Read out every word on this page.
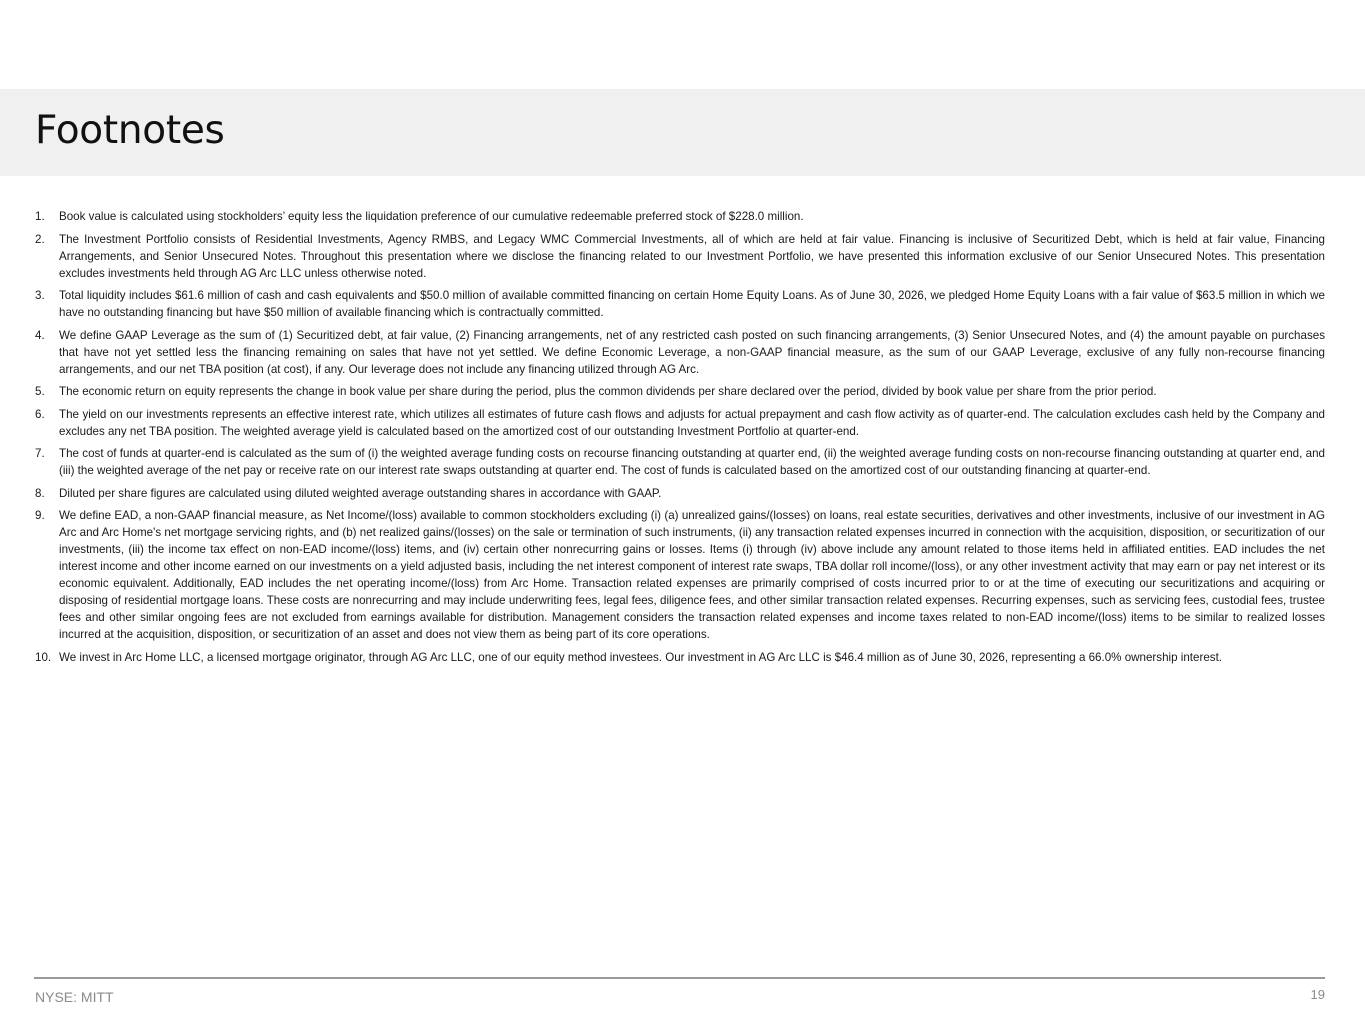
Footnotes
1.	Book value is calculated using stockholders’ equity less the liquidation preference of our cumulative redeemable preferred stock of $228.0 million.
2.	The Investment Portfolio consists of Residential Investments, Agency RMBS, and Legacy WMC Commercial Investments, all of which are held at fair value. Financing is inclusive of Securitized Debt, which is held at fair value, Financing Arrangements, and Senior Unsecured Notes. Throughout this presentation where we disclose the financing related to our Investment Portfolio, we have presented this information exclusive of our Senior Unsecured Notes. This presentation excludes investments held through AG Arc LLC unless otherwise noted.
3.	Total liquidity includes $61.6 million of cash and cash equivalents and $50.0 million of available committed financing on certain Home Equity Loans. As of June 30, 2026, we pledged Home Equity Loans with a fair value of $63.5 million in which we have no outstanding financing but have $50 million of available financing which is contractually committed.
4.	We define GAAP Leverage as the sum of (1) Securitized debt, at fair value, (2) Financing arrangements, net of any restricted cash posted on such financing arrangements, (3) Senior Unsecured Notes, and (4) the amount payable on purchases that have not yet settled less the financing remaining on sales that have not yet settled. We define Economic Leverage, a non-GAAP financial measure, as the sum of our GAAP Leverage, exclusive of any fully non-recourse financing arrangements, and our net TBA position (at cost), if any. Our leverage does not include any financing utilized through AG Arc.
5.	The economic return on equity represents the change in book value per share during the period, plus the common dividends per share declared over the period, divided by book value per share from the prior period.
6.	The yield on our investments represents an effective interest rate, which utilizes all estimates of future cash flows and adjusts for actual prepayment and cash flow activity as of quarter-end. The calculation excludes cash held by the Company and excludes any net TBA position. The weighted average yield is calculated based on the amortized cost of our outstanding Investment Portfolio at quarter-end.
7.	The cost of funds at quarter-end is calculated as the sum of (i) the weighted average funding costs on recourse financing outstanding at quarter end, (ii) the weighted average funding costs on non-recourse financing outstanding at quarter end, and (iii) the weighted average of the net pay or receive rate on our interest rate swaps outstanding at quarter end. The cost of funds is calculated based on the amortized cost of our outstanding financing at quarter-end.
8.	Diluted per share figures are calculated using diluted weighted average outstanding shares in accordance with GAAP.
9.	We define EAD, a non-GAAP financial measure, as Net Income/(loss) available to common stockholders excluding (i) (a) unrealized gains/(losses) on loans, real estate securities, derivatives and other investments, inclusive of our investment in AG Arc and Arc Home's net mortgage servicing rights, and (b) net realized gains/(losses) on the sale or termination of such instruments, (ii) any transaction related expenses incurred in connection with the acquisition, disposition, or securitization of our investments, (iii) the income tax effect on non-EAD income/(loss) items, and (iv) certain other nonrecurring gains or losses. Items (i) through (iv) above include any amount related to those items held in affiliated entities. EAD includes the net interest income and other income earned on our investments on a yield adjusted basis, including the net interest component of interest rate swaps, TBA dollar roll income/(loss), or any other investment activity that may earn or pay net interest or its economic equivalent. Additionally, EAD includes the net operating income/(loss) from Arc Home. Transaction related expenses are primarily comprised of costs incurred prior to or at the time of executing our securitizations and acquiring or disposing of residential mortgage loans. These costs are nonrecurring and may include underwriting fees, legal fees, diligence fees, and other similar transaction related expenses. Recurring expenses, such as servicing fees, custodial fees, trustee fees and other similar ongoing fees are not excluded from earnings available for distribution. Management considers the transaction related expenses and income taxes related to non-EAD income/(loss) items to be similar to realized losses incurred at the acquisition, disposition, or securitization of an asset and does not view them as being part of its core operations.
10. We invest in Arc Home LLC, a licensed mortgage originator, through AG Arc LLC, one of our equity method investees. Our investment in AG Arc LLC is $46.4 million as of June 30, 2026, representing a 66.0% ownership interest.
NYSE: MITT	19
